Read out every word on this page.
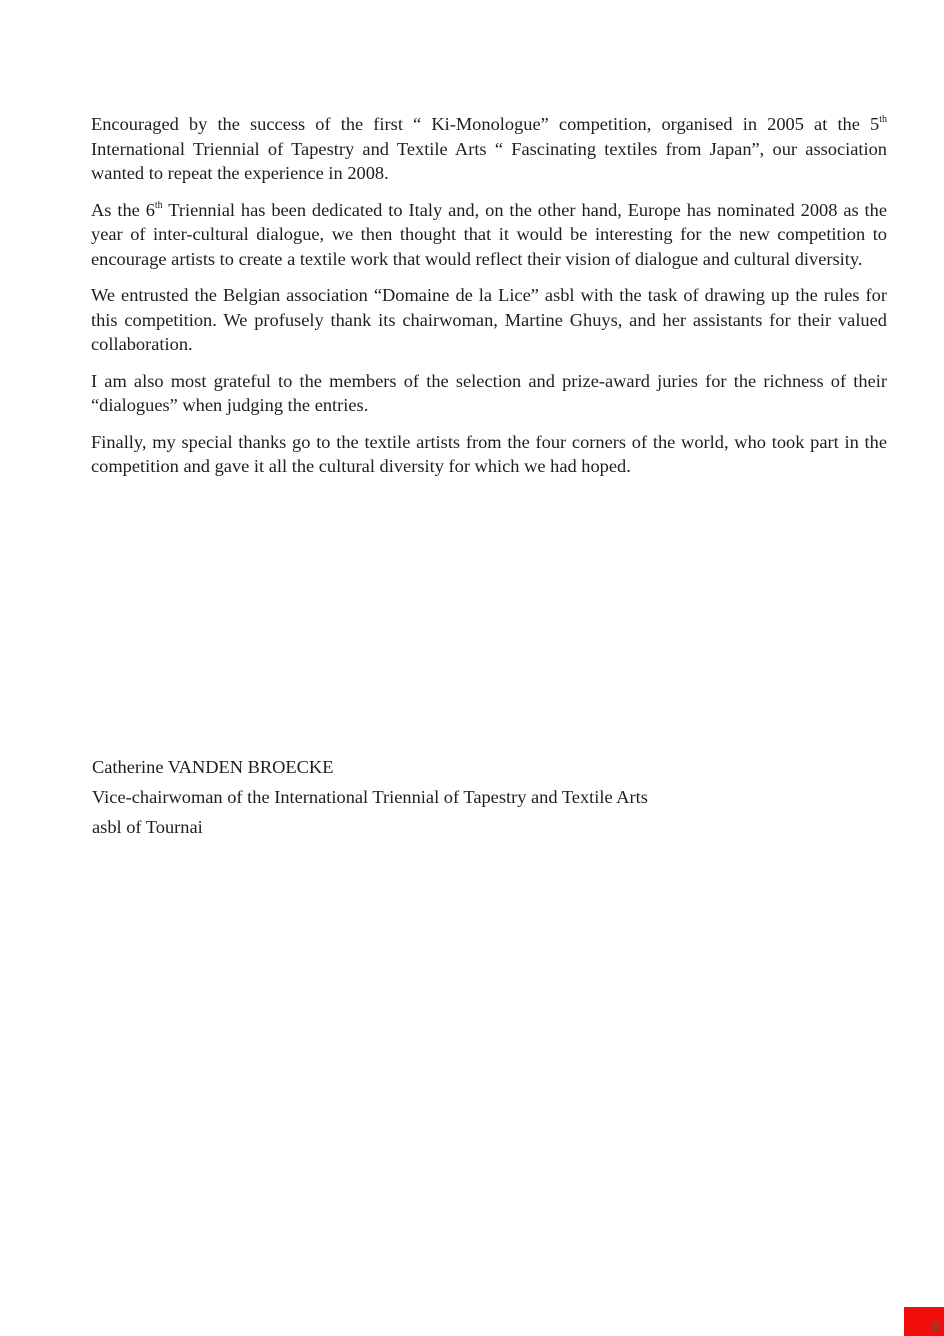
Encouraged by the success of the first “ Ki-Monologue” competition, organised in 2005 at the 5th International Triennial of Tapestry and Textile Arts “ Fascinating textiles from Japan”, our association wanted to repeat the experience in 2008.

As the 6th Triennial has been dedicated to Italy and, on the other hand, Europe has nominated 2008 as the year of inter-cultural dialogue, we then thought that it would be interesting for the new competition to encourage artists to create a textile work that would reflect their vision of dialogue and cultural diversity.

We entrusted the Belgian association “Domaine de la Lice” asbl with the task of drawing up the rules for this competition. We profusely thank its chairwoman, Martine Ghuys, and her assistants for their valued collaboration.

I am also most grateful to the members of the selection and prize-award juries for the richness of their “dialogues” when judging the entries.

Finally, my special thanks go to the textile artists from the four corners of the world, who took part in the competition and gave it all the cultural diversity for which we had hoped.

Catherine VANDEN BROECKE
Vice-chairwoman of the International Triennial of Tapestry and Textile Arts
asbl of Tournai
